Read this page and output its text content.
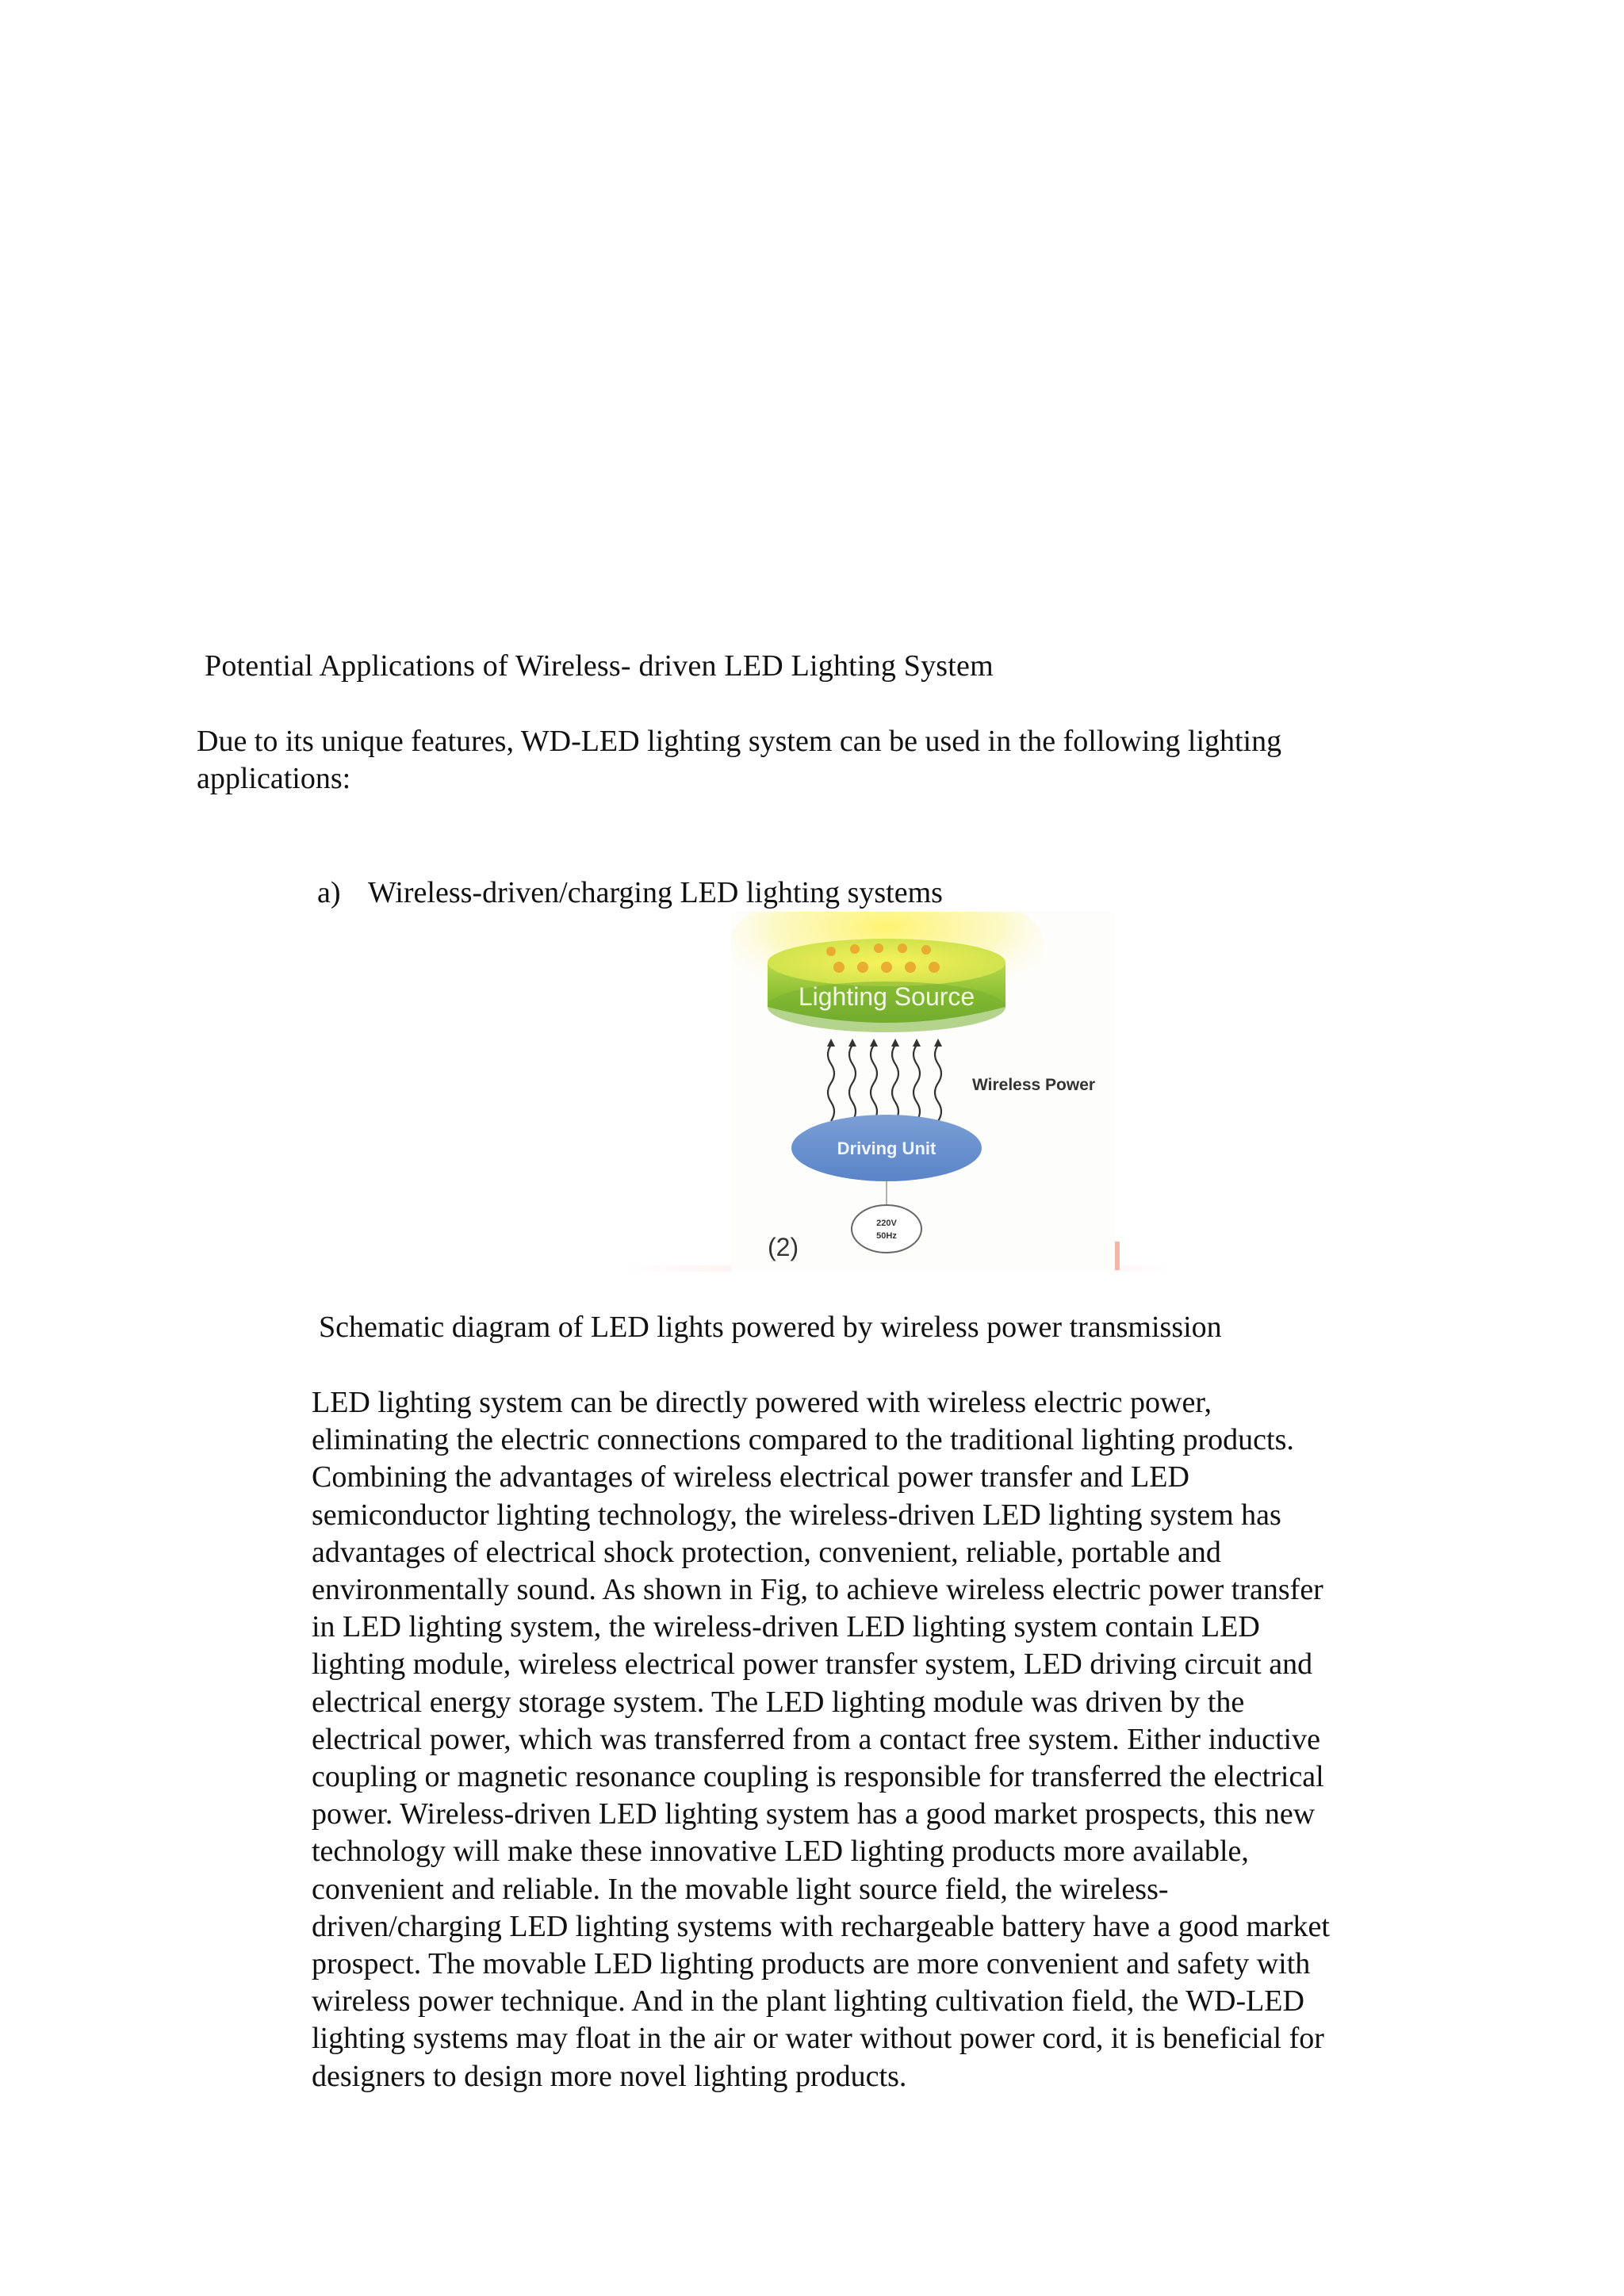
Potential Applications of Wireless- driven LED Lighting System
Due to its unique features, WD-LED lighting system can be used in the following lighting
applications:
a) Wireless-driven/charging LED lighting systems
Lighting Source
Wireless Power
Driving Unit
220V
50Hz
(2)
Schematic diagram of LED lights powered by wireless power transmission
LED lighting system can be directly powered with wireless electric power,
eliminating the electric connections compared to the traditional lighting products.
Combining the advantages of wireless electrical power transfer and LED
semiconductor lighting technology, the wireless-driven LED lighting system has
advantages of electrical shock protection, convenient, reliable, portable and
environmentally sound. As shown in Fig, to achieve wireless electric power transfer
in LED lighting system, the wireless-driven LED lighting system contain LED
lighting module, wireless electrical power transfer system, LED driving circuit and
electrical energy storage system. The LED lighting module was driven by the
electrical power, which was transferred from a contact free system. Either inductive
coupling or magnetic resonance coupling is responsible for transferred the electrical
power. Wireless-driven LED lighting system has a good market prospects, this new
technology will make these innovative LED lighting products more available,
convenient and reliable. In the movable light source field, the wireless-
driven/charging LED lighting systems with rechargeable battery have a good market
prospect. The movable LED lighting products are more convenient and safety with
wireless power technique. And in the plant lighting cultivation field, the WD-LED
lighting systems may float in the air or water without power cord, it is beneficial for
designers to design more novel lighting products.
